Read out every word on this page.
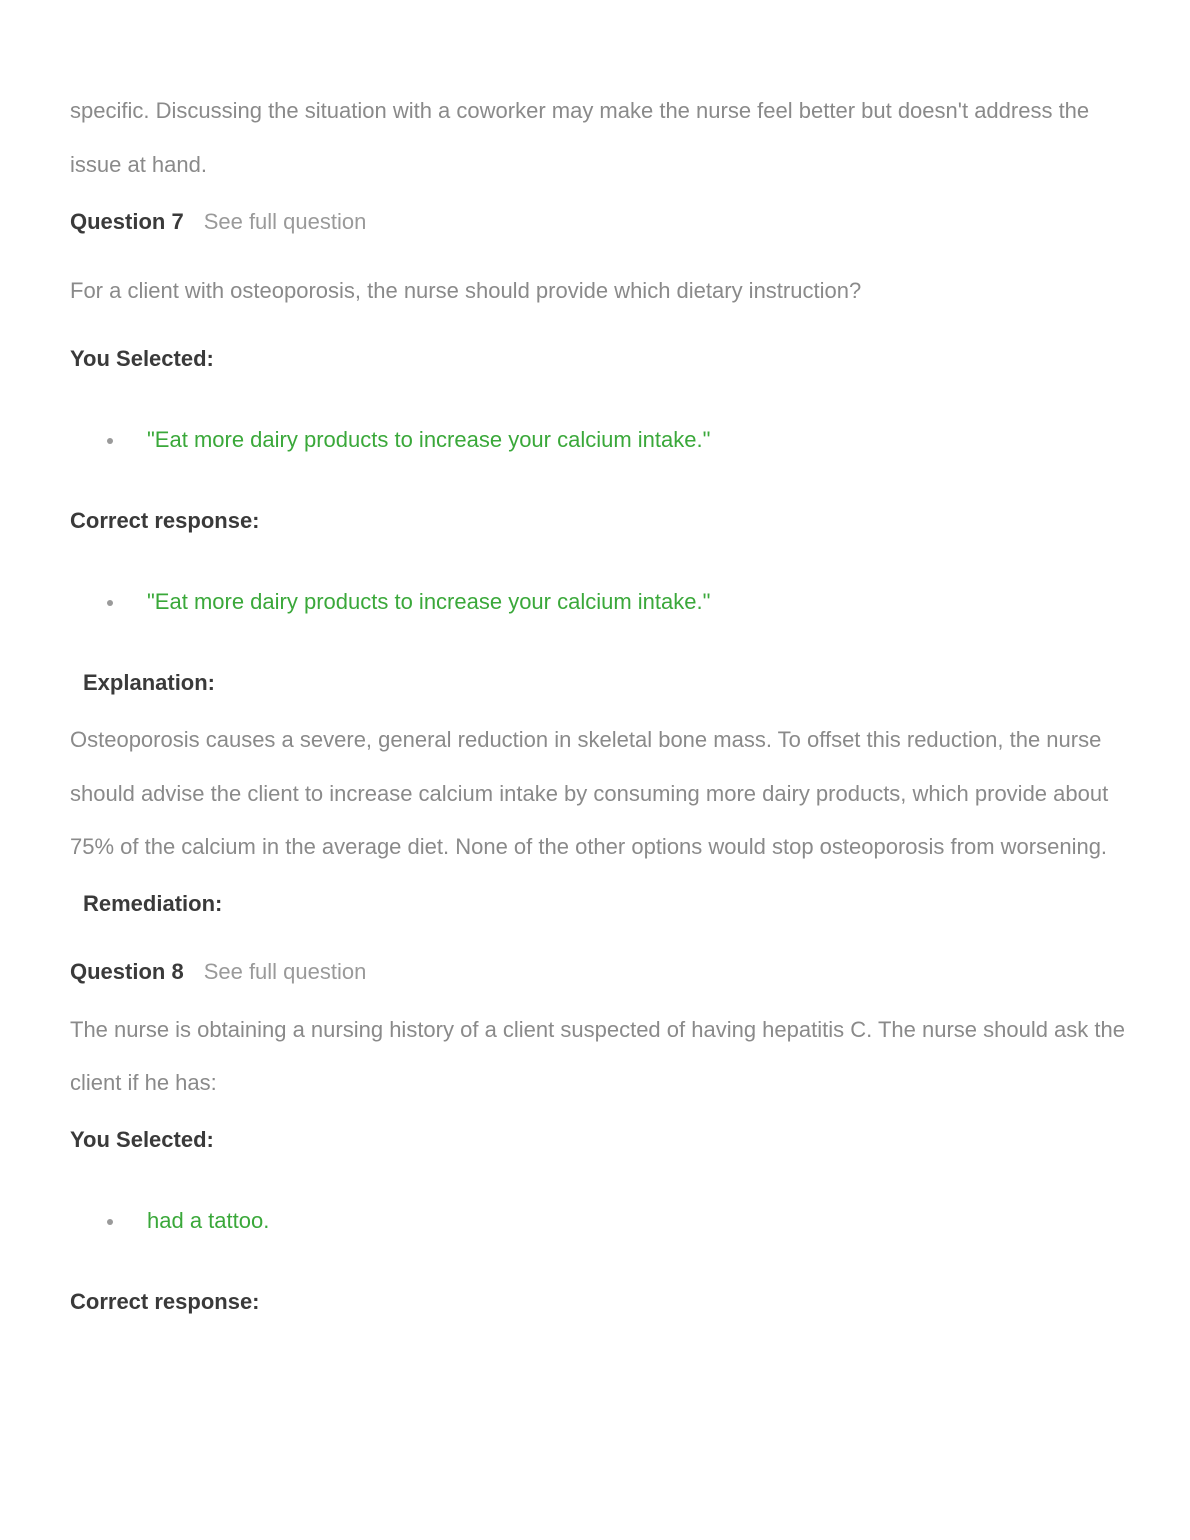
specific. Discussing the situation with a coworker may make the nurse feel better but doesn't address the issue at hand.

Question 7 See full question

For a client with osteoporosis, the nurse should provide which dietary instruction?

You Selected:

"Eat more dairy products to increase your calcium intake."

Correct response:

"Eat more dairy products to increase your calcium intake."

Explanation:

Osteoporosis causes a severe, general reduction in skeletal bone mass. To offset this reduction, the nurse should advise the client to increase calcium intake by consuming more dairy products, which provide about 75% of the calcium in the average diet. None of the other options would stop osteoporosis from worsening.

Remediation:

Question 8 See full question

The nurse is obtaining a nursing history of a client suspected of having hepatitis C. The nurse should ask the client if he has:

You Selected:

had a tattoo.

Correct response:
